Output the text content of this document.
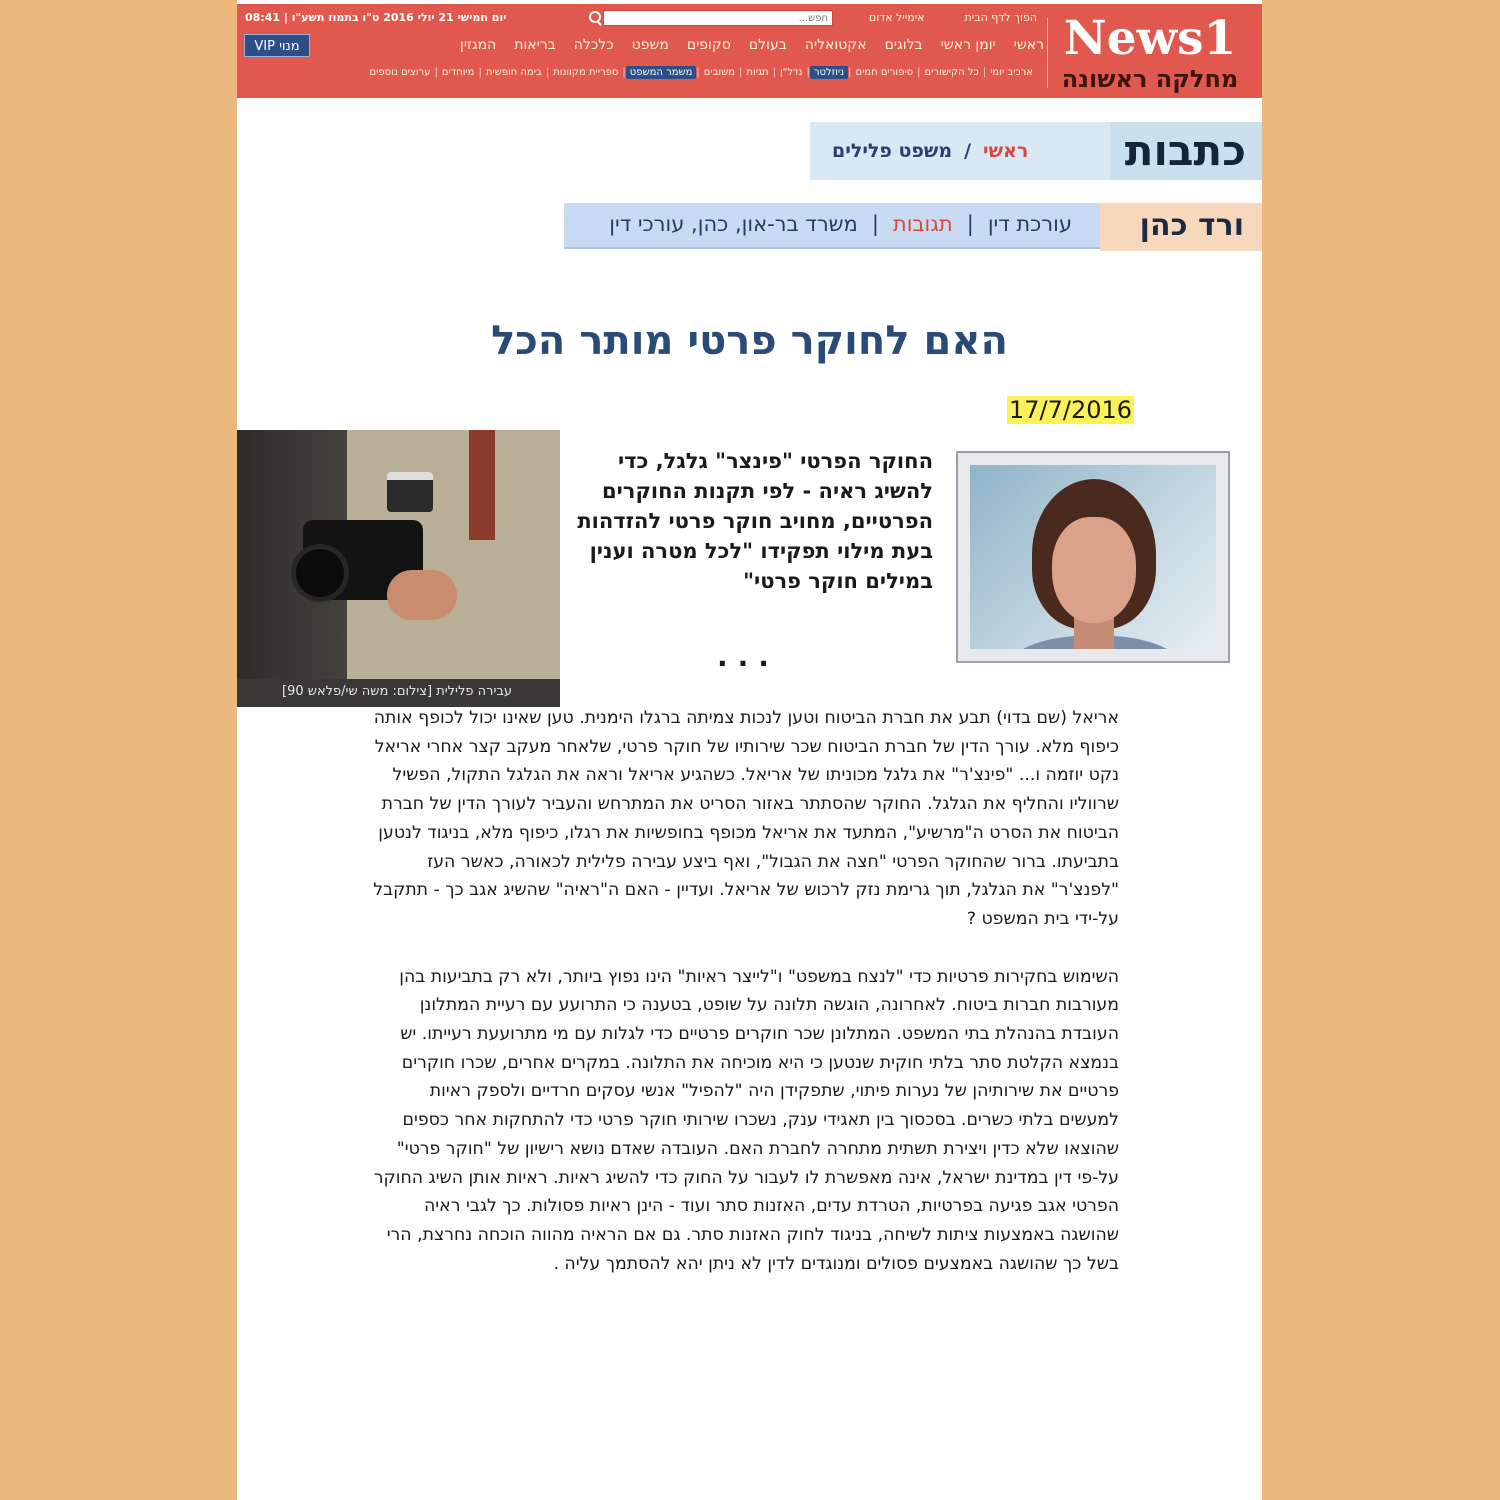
News1
מחלקה ראשונה
הפוך לדף הבית
אימייל אדום
חפש...
יום חמישי 21 יולי 2016 ט"ו בתמוז תשע"ו | 08:41
ראשי
יומן ראשי
בלוגים
אקטואליה
בעולם
סקופים
משפט
כלכלה
בריאות
המגזין
מנוי VIP
ארכיב יומי
|
כל הקישורים
|
סיפורים חמים
|
ניוזלטר
|
נדל"ן
|
תגיות
|
משובים
|
משמר המשפט
|
ספריית מקוונות
|
בימה חופשית
|
מיוחדים
|
ערוצים נוספים
כתבות
ראשי
/
משפט פלילים
ורד כהן
עורכת דין
|
תגובות
|
משרד בר-און, כהן, עורכי דין
האם לחוקר פרטי מותר הכל
17/7/2016
החוקר הפרטי "פינצר" גלגל, כדי להשיג ראיה - לפי תקנות החוקרים הפרטיים, מחויב חוקר פרטי להזדהות בעת מילוי תפקידו "לכל מטרה וענין במילים חוקר פרטי"
...
עבירה פלילית [צילום: משה שי/פלאש 90]

אריאל (שם בדוי) תבע את חברת הביטוח וטען לנכות צמיתה ברגלו הימנית. טען שאינו יכול לכופף אותה כיפוף מלא. עורך הדין של חברת הביטוח שכר שירותיו של חוקר פרטי, שלאחר מעקב קצר אחרי אריאל נקט יוזמה ו... "פינצ'ר" את גלגל מכוניתו של אריאל. כשהגיע אריאל וראה את הגלגל התקול, הפשיל שרווליו והחליף את הגלגל. החוקר שהסתתר באזור הסריט את המתרחש והעביר לעורך הדין של חברת הביטוח את הסרט ה"מרשיע", המתעד את אריאל מכופף בחופשיות את רגלו, כיפוף מלא, בניגוד לנטען בתביעתו. ברור שהחוקר הפרטי "חצה את הגבול", ואף ביצע עבירה פלילית לכאורה, כאשר העז "לפנצ'ר" את הגלגל, תוך גרימת נזק לרכוש של אריאל. ועדיין - האם ה"ראיה" שהשיג אגב כך - תתקבל על-ידי בית המשפט ?

השימוש בחקירות פרטיות כדי "לנצח במשפט" ו"לייצר ראיות" הינו נפוץ ביותר, ולא רק בתביעות בהן מעורבות חברות ביטוח. לאחרונה, הוגשה תלונה על שופט, בטענה כי התרועע עם רעיית המתלונן העובדת בהנהלת בתי המשפט. המתלונן שכר חוקרים פרטיים כדי לגלות עם מי מתרועעת רעייתו. יש בנמצא הקלטת סתר בלתי חוקית שנטען כי היא מוכיחה את התלונה. במקרים אחרים, שכרו חוקרים פרטיים את שירותיהן של נערות פיתוי, שתפקידן היה "להפיל" אנשי עסקים חרדיים ולספק ראיות למעשים בלתי כשרים. בסכסוך בין תאגידי ענק, נשכרו שירותי חוקר פרטי כדי להתחקות אחר כספים שהוצאו שלא כדין ויצירת תשתית מתחרה לחברת האם. העובדה שאדם נושא רישיון של "חוקר פרטי" על-פי דין במדינת ישראל, אינה מאפשרת לו לעבור על החוק כדי להשיג ראיות. ראיות אותן השיג החוקר הפרטי אגב פגיעה בפרטיות, הטרדת עדים, האזנות סתר ועוד - הינן ראיות פסולות. כך לגבי ראיה שהושגה באמצעות ציתות לשיחה, בניגוד לחוק האזנות סתר. גם אם הראיה מהווה הוכחה נחרצת, הרי בשל כך שהושגה באמצעים פסולים ומנוגדים לדין לא ניתן יהא להסתמך עליה .
